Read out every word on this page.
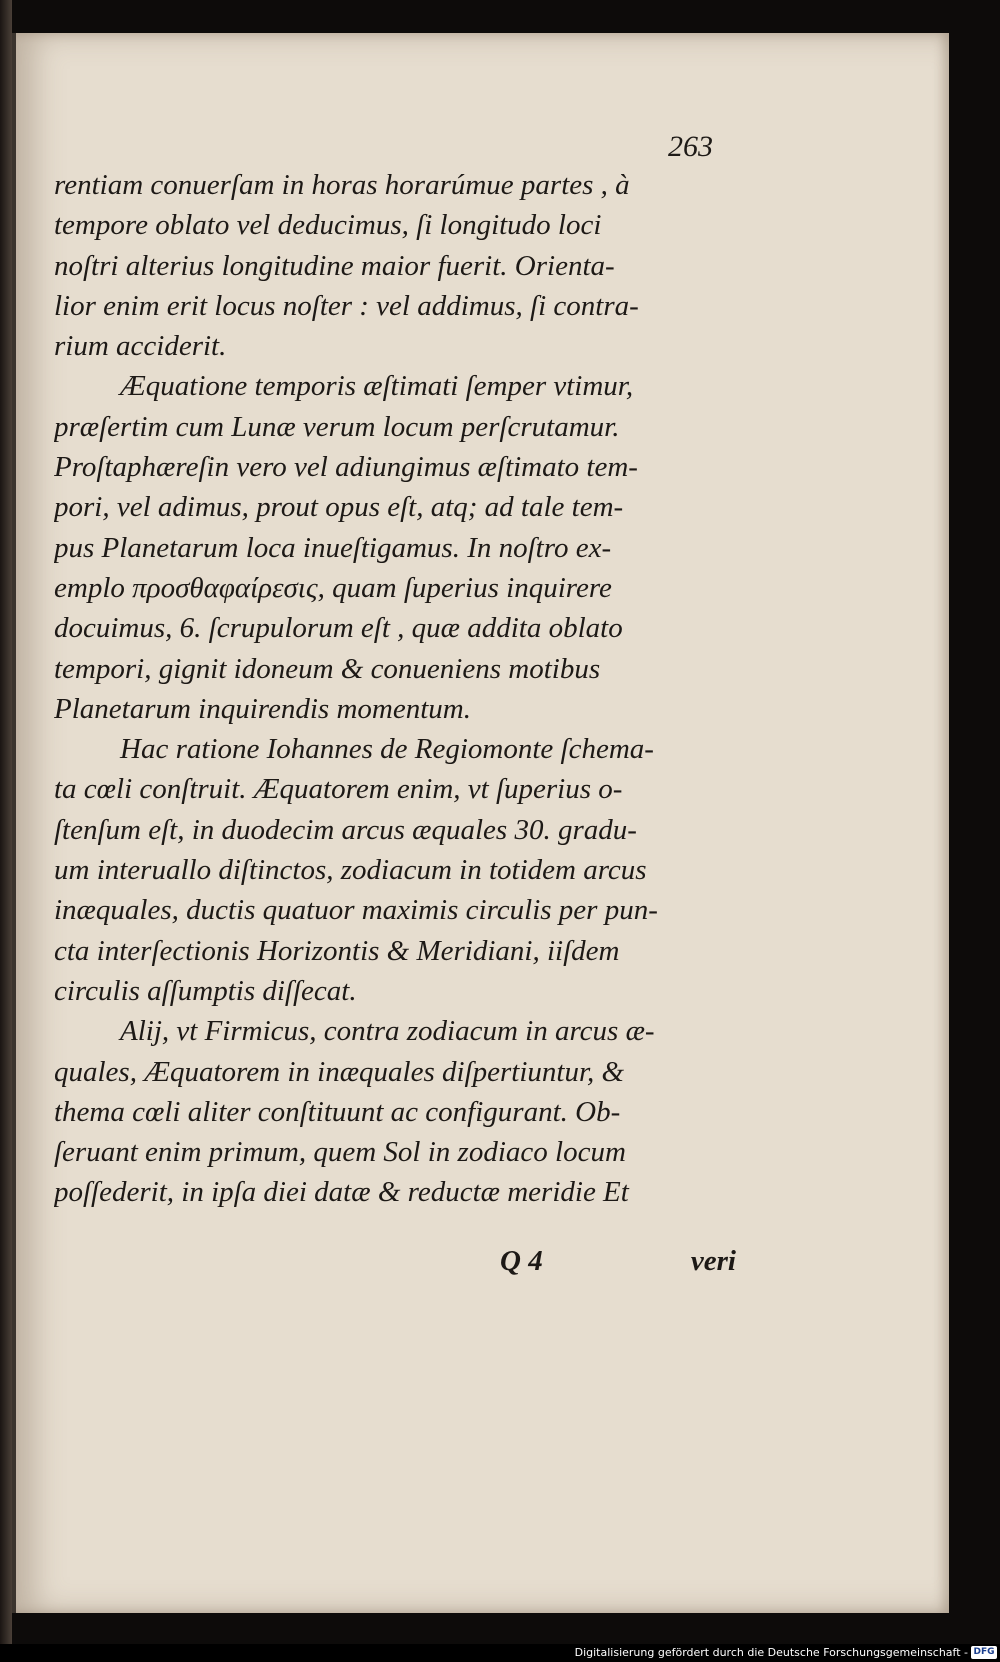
263
rentiam conuerſam in horas horarúmue partes , à
tempore oblato vel deducimus, ſi longitudo loci
noſtri alterius longitudine maior fuerit. Orienta-
lior enim erit locus noſter : vel addimus, ſi contra-
rium acciderit.
Æquatione temporis æſtimati ſemper vtimur,
præſertim cum Lunæ verum locum perſcrutamur.
Proſtaphæreſin vero vel adiungimus æſtimato tem-
pori, vel adimus, prout opus eſt, atq; ad tale tem-
pus Planetarum loca inueſtigamus. In noſtro ex-
emplo προσθαφαίρεσις, quam ſuperius inquirere
docuimus, 6. ſcrupulorum eſt , quæ addita oblato
tempori, gignit idoneum & conueniens motibus
Planetarum inquirendis momentum.
Hac ratione Iohannes de Regiomonte ſchema-
ta cœli conſtruit. Æquatorem enim, vt ſuperius o-
ſtenſum eſt, in duodecim arcus æquales 30. gradu-
um interuallo diſtinctos, zodiacum in totidem arcus
inæquales, ductis quatuor maximis circulis per pun-
cta interſectionis Horizontis & Meridiani, iiſdem
circulis aſſumptis diſſecat.
Alij, vt Firmicus, contra zodiacum in arcus æ-
quales, Æquatorem in inæquales diſpertiuntur, &
thema cœli aliter conſtituunt ac configurant. Ob-
ſeruant enim primum, quem Sol in zodiaco locum
poſſederit, in ipſa diei datæ & reductæ meridie Et
Q 4	veri
Digitalisierung gefördert durch die Deutsche Forschungsgemeinschaft - DFG
